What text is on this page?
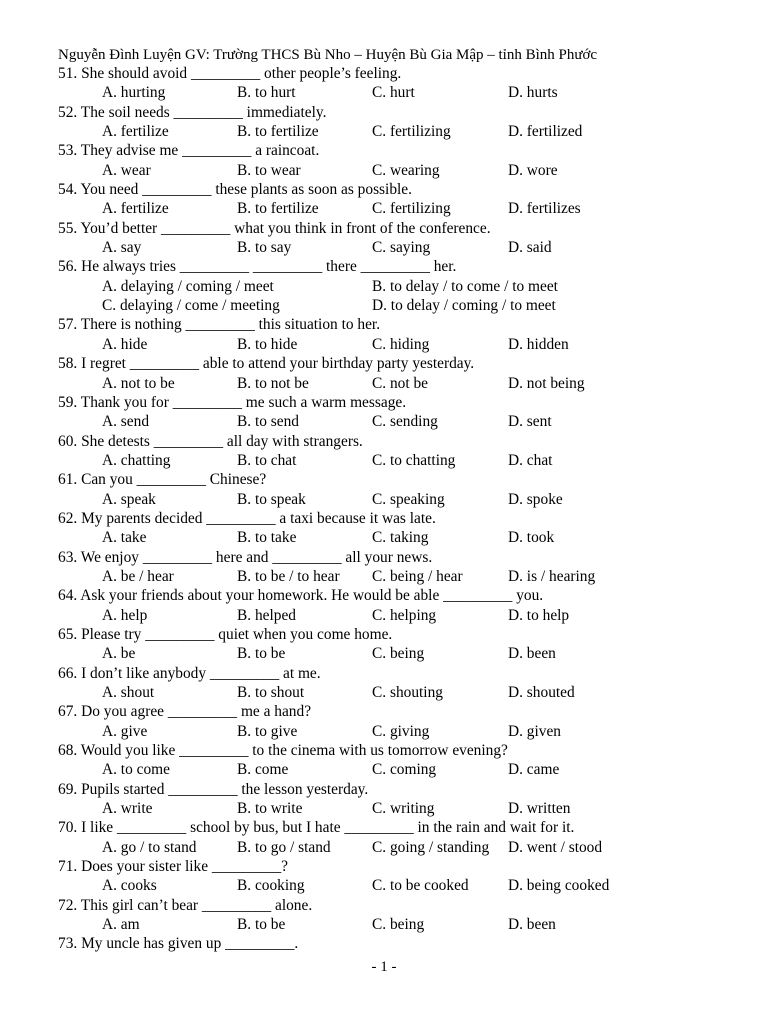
Nguyễn Đình Luyện GV: Trường THCS Bù Nho – Huyện Bù Gia Mập – tỉnh Bình Phước
51. She should avoid _________ other people’s feeling.
A. hurting	B. to hurt	C. hurt	D. hurts
52. The soil needs _________ immediately.
A. fertilize	B. to fertilize	C. fertilizing	D. fertilized
53. They advise me _________ a raincoat.
A. wear	B. to wear	C. wearing	D. wore
54. You need _________ these plants as soon as possible.
A. fertilize	B. to fertilize	C. fertilizing	D. fertilizes
55. You’d better _________ what you think in front of the conference.
A. say	B. to say	C. saying	D. said
56. He always tries _________ _________ there _________ her.
A. delaying / coming / meet	B. to delay / to come / to meet
C. delaying / come / meeting	D. to delay / coming / to meet
57. There is nothing _________ this situation to her.
A. hide	B. to hide	C. hiding	D. hidden
58. I regret _________ able to attend your birthday party yesterday.
A. not to be	B. to not be	C. not be	D. not being
59. Thank you for _________ me such a warm message.
A. send	B. to send	C. sending	D. sent
60. She detests _________ all day with strangers.
A. chatting	B. to chat	C. to chatting	D. chat
61. Can you _________ Chinese?
A. speak	B. to speak	C. speaking	D. spoke
62. My parents decided _________ a taxi because it was late.
A. take	B. to take	C. taking	D. took
63. We enjoy _________ here and _________ all your news.
A. be / hear	B. to be / to hear C. being / hear	D. is / hearing
64. Ask your friends about your homework. He would be able _________ you.
A. help	B. helped	C. helping	D. to help
65. Please try _________ quiet when you come home.
A. be	B. to be	C. being	D. been
66. I don’t like anybody _________ at me.
A. shout	B. to shout	C. shouting	D. shouted
67. Do you agree _________ me a hand?
A. give	B. to give	C. giving	D. given
68. Would you like _________ to the cinema with us tomorrow evening?
A. to come	B. come	C. coming	D. came
69. Pupils started _________ the lesson yesterday.
A. write	B. to write	C. writing	D. written
70. I like _________ school by bus, but I hate _________ in the rain and wait for it.
A. go / to stand	B. to go / stand	C. going / standing D. went / stood
71. Does your sister like _________?
A. cooks	B. cooking	C. to be cooked	D. being cooked
72. This girl can’t bear _________ alone.
A. am	B. to be	C. being	D. been
73. My uncle has given up _________.
- 1 -
